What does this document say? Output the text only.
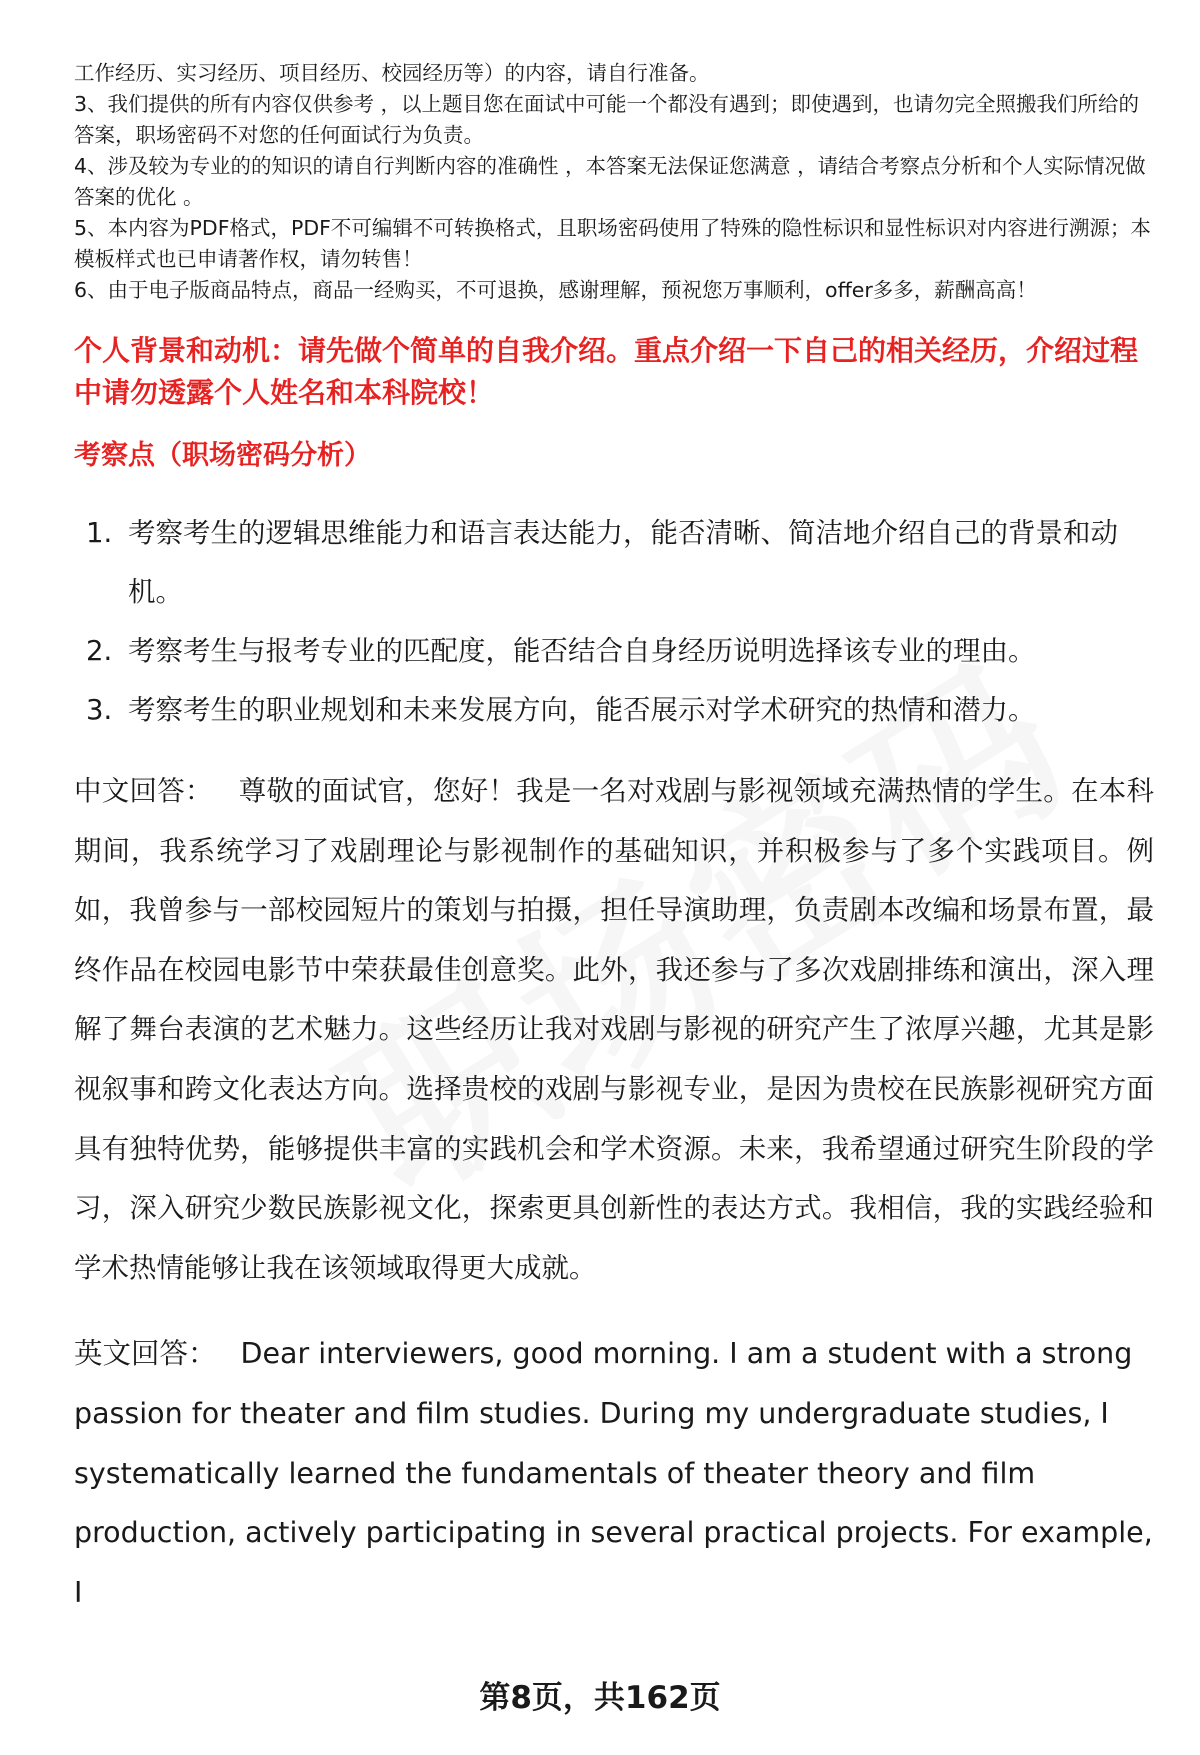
工作经历、实习经历、项目经历、校园经历等）的内容，请自行准备。

3、我们提供的所有内容仅供参考 ，以上题目您在面试中可能一个都没有遇到；即使遇到，也请勿完全照搬我们所给的答案，职场密码不对您的任何面试行为负责。

4、涉及较为专业的的知识的请自行判断内容的准确性 ，本答案无法保证您满意 ，请结合考察点分析和个人实际情况做答案的优化 。

5、本内容为PDF格式，PDF不可编辑不可转换格式，且职场密码使用了特殊的隐性标识和显性标识对内容进行溯源；本模板样式也已申请著作权，请勿转售！

6、由于电子版商品特点，商品一经购买，不可退换，感谢理解，预祝您万事顺利，offer多多，薪酬高高！

个人背景和动机：请先做个简单的自我介绍。重点介绍一下自己的相关经历，介绍过程中请勿透露个人姓名和本科院校！
考察点（职场密码分析）
1. 考察考生的逻辑思维能力和语言表达能力，能否清晰、简洁地介绍自己的背景和动机。
2. 考察考生与报考专业的匹配度，能否结合自身经历说明选择该专业的理由。
3. 考察考生的职业规划和未来发展方向，能否展示对学术研究的热情和潜力。

中文回答： 尊敬的面试官，您好！我是一名对戏剧与影视领域充满热情的学生。在本科期间，我系统学习了戏剧理论与影视制作的基础知识，并积极参与了多个实践项目。例如，我曾参与一部校园短片的策划与拍摄，担任导演助理，负责剧本改编和场景布置，最终作品在校园电影节中荣获最佳创意奖。此外，我还参与了多次戏剧排练和演出，深入理解了舞台表演的艺术魅力。这些经历让我对戏剧与影视的研究产生了浓厚兴趣，尤其是影视叙事和跨文化表达方向。选择贵校的戏剧与影视专业，是因为贵校在民族影视研究方面具有独特优势，能够提供丰富的实践机会和学术资源。未来，我希望通过研究生阶段的学习，深入研究少数民族影视文化，探索更具创新性的表达方式。我相信，我的实践经验和学术热情能够让我在该领域取得更大成就。

英文回答： Dear interviewers, good morning. I am a student with a strong passion for theater and film studies. During my undergraduate studies, I systematically learned the fundamentals of theater theory and film production, actively participating in several practical projects. For example, I

第8页，共162页
